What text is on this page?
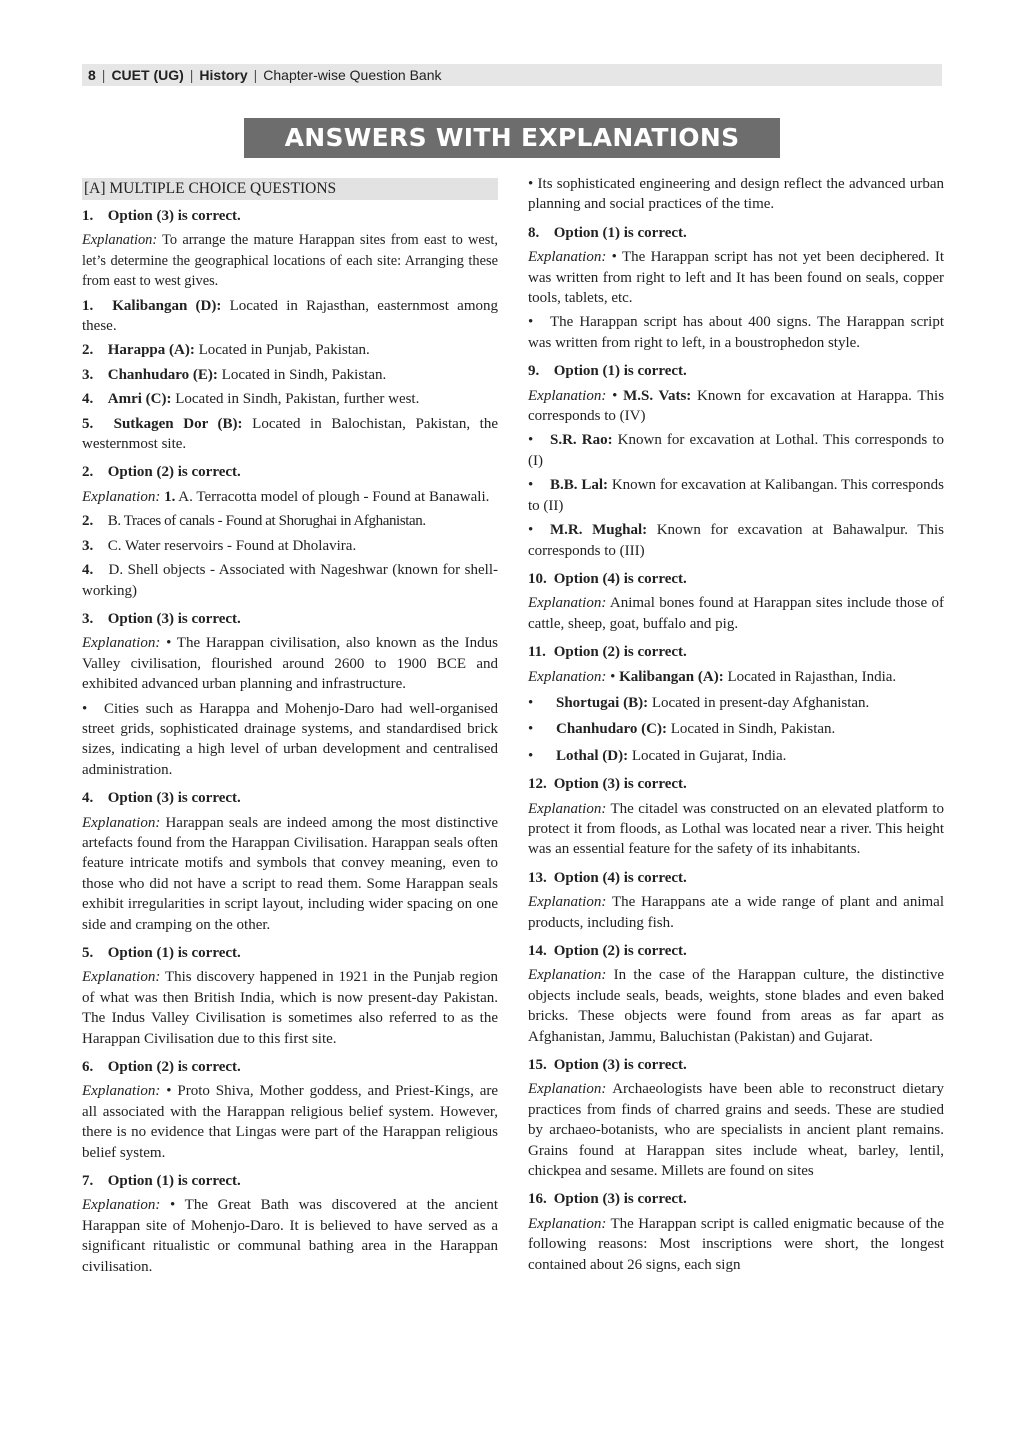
8 | CUET (UG) | History | Chapter-wise Question Bank
ANSWERS WITH EXPLANATIONS
[A] MULTIPLE CHOICE QUESTIONS
1. Option (3) is correct.

Explanation: To arrange the mature Harappan sites from east to west, let’s determine the geographical locations of each site: Arranging these from east to west gives.

1. Kalibangan (D): Located in Rajasthan, easternmost among these.

2. Harappa (A): Located in Punjab, Pakistan.

3. Chanhudaro (E): Located in Sindh, Pakistan.

4. Amri (C): Located in Sindh, Pakistan, further west.

5. Sutkagen Dor (B): Located in Balochistan, Pakistan, the westernmost site.

2. Option (2) is correct.

Explanation: 1. A. Terracotta model of plough - Found at Banawali.

2. B. Traces of canals - Found at Shorughai in Afghanistan.

3. C. Water reservoirs - Found at Dholavira.

4. D. Shell objects - Associated with Nageshwar (known for shell-working)

3. Option (3) is correct.

Explanation: • The Harappan civilisation, also known as the Indus Valley civilisation, flourished around 2600 to 1900 BCE and exhibited advanced urban planning and infrastructure.

• Cities such as Harappa and Mohenjo-Daro had well-organised street grids, sophisticated drainage systems, and standardised brick sizes, indicating a high level of urban development and centralised administration.

4. Option (3) is correct.

Explanation: Harappan seals are indeed among the most distinctive artefacts found from the Harappan Civilisation. Harappan seals often feature intricate motifs and symbols that convey meaning, even to those who did not have a script to read them. Some Harappan seals exhibit irregularities in script layout, including wider spacing on one side and cramping on the other.

5. Option (1) is correct.

Explanation: This discovery happened in 1921 in the Punjab region of what was then British India, which is now present-day Pakistan. The Indus Valley Civilisation is sometimes also referred to as the Harappan Civilisation due to this first site.

6. Option (2) is correct.

Explanation: • Proto Shiva, Mother goddess, and Priest-Kings, are all associated with the Harappan religious belief system. However, there is no evidence that Lingas were part of the Harappan religious belief system.

7. Option (1) is correct.

Explanation: • The Great Bath was discovered at the ancient Harappan site of Mohenjo-Daro. It is believed to have served as a significant ritualistic or communal bathing area in the Harappan civilisation.

• Its sophisticated engineering and design reflect the advanced urban planning and social practices of the time.

8. Option (1) is correct.

Explanation: • The Harappan script has not yet been deciphered. It was written from right to left and It has been found on seals, copper tools, tablets, etc.

• The Harappan script has about 400 signs. The Harappan script was written from right to left, in a boustrophedon style.

9. Option (1) is correct.

Explanation: • M.S. Vats: Known for excavation at Harappa. This corresponds to (IV)

• S.R. Rao: Known for excavation at Lothal. This corresponds to (I)

• B.B. Lal: Known for excavation at Kalibangan. This corresponds to (II)

• M.R. Mughal: Known for excavation at Bahawalpur. This corresponds to (III)

10. Option (4) is correct.

Explanation: Animal bones found at Harappan sites include those of cattle, sheep, goat, buffalo and pig.

11. Option (2) is correct.

Explanation: • Kalibangan (A): Located in Rajasthan, India.

• Shortugai (B): Located in present-day Afghanistan.

• Chanhudaro (C): Located in Sindh, Pakistan.

• Lothal (D): Located in Gujarat, India.

12. Option (3) is correct.

Explanation: The citadel was constructed on an elevated platform to protect it from floods, as Lothal was located near a river. This height was an essential feature for the safety of its inhabitants.

13. Option (4) is correct.

Explanation: The Harappans ate a wide range of plant and animal products, including fish.

14. Option (2) is correct.

Explanation: In the case of the Harappan culture, the distinctive objects include seals, beads, weights, stone blades and even baked bricks. These objects were found from areas as far apart as Afghanistan, Jammu, Baluchistan (Pakistan) and Gujarat.

15. Option (3) is correct.

Explanation: Archaeologists have been able to reconstruct dietary practices from finds of charred grains and seeds. These are studied by archaeo-botanists, who are specialists in ancient plant remains. Grains found at Harappan sites include wheat, barley, lentil, chickpea and sesame. Millets are found on sites

16. Option (3) is correct.

Explanation: The Harappan script is called enigmatic because of the following reasons: Most inscriptions were short, the longest contained about 26 signs, each sign
